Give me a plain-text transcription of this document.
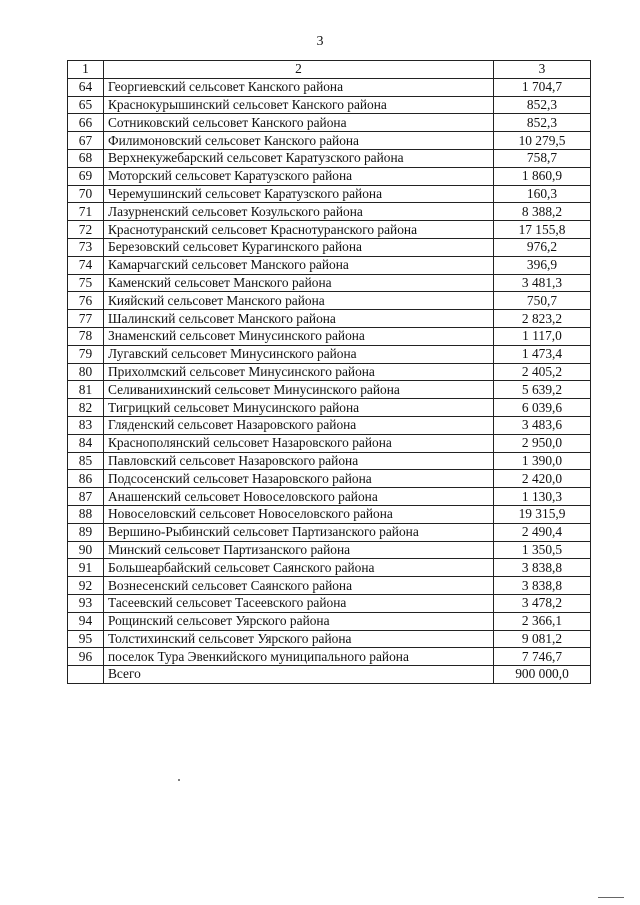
3
1	2	3
64	Георгиевский сельсовет Канского района	1 704,7
65	Краснокурышинский сельсовет Канского района	852,3
66	Сотниковский сельсовет Канского района	852,3
67	Филимоновский сельсовет Канского района	10 279,5
68	Верхнекужебарский сельсовет Каратузского района	758,7
69	Моторский сельсовет Каратузского района	1 860,9
70	Черемушинский сельсовет Каратузского района	160,3
71	Лазурненский сельсовет Козульского района	8 388,2
72	Краснотуранский сельсовет Краснотуранского района	17 155,8
73	Березовский сельсовет Курагинского района	976,2
74	Камарчагский сельсовет Манского района	396,9
75	Каменский сельсовет Манского района	3 481,3
76	Кияйский сельсовет Манского района	750,7
77	Шалинский сельсовет Манского района	2 823,2
78	Знаменский сельсовет Минусинского района	1 117,0
79	Лугавский сельсовет Минусинского района	1 473,4
80	Прихолмский сельсовет Минусинского района	2 405,2
81	Селиванихинский сельсовет Минусинского района	5 639,2
82	Тигрицкий сельсовет Минусинского района	6 039,6
83	Гляденский сельсовет Назаровского района	3 483,6
84	Краснополянский сельсовет Назаровского района	2 950,0
85	Павловский сельсовет Назаровского района	1 390,0
86	Подсосенский сельсовет Назаровского района	2 420,0
87	Анашенский сельсовет Новоселовского района	1 130,3
88	Новоселовский сельсовет Новоселовского района	19 315,9
89	Вершино-Рыбинский сельсовет Партизанского района	2 490,4
90	Минский сельсовет Партизанского района	1 350,5
91	Большеарбайский сельсовет Саянского района	3 838,8
92	Вознесенский сельсовет Саянского района	3 838,8
93	Тасеевский сельсовет Тасеевского района	3 478,2
94	Рощинский сельсовет Уярского района	2 366,1
95	Толстихинский сельсовет Уярского района	9 081,2
96	поселок Тура Эвенкийского муниципального района	7 746,7
	Всего	900 000,0
